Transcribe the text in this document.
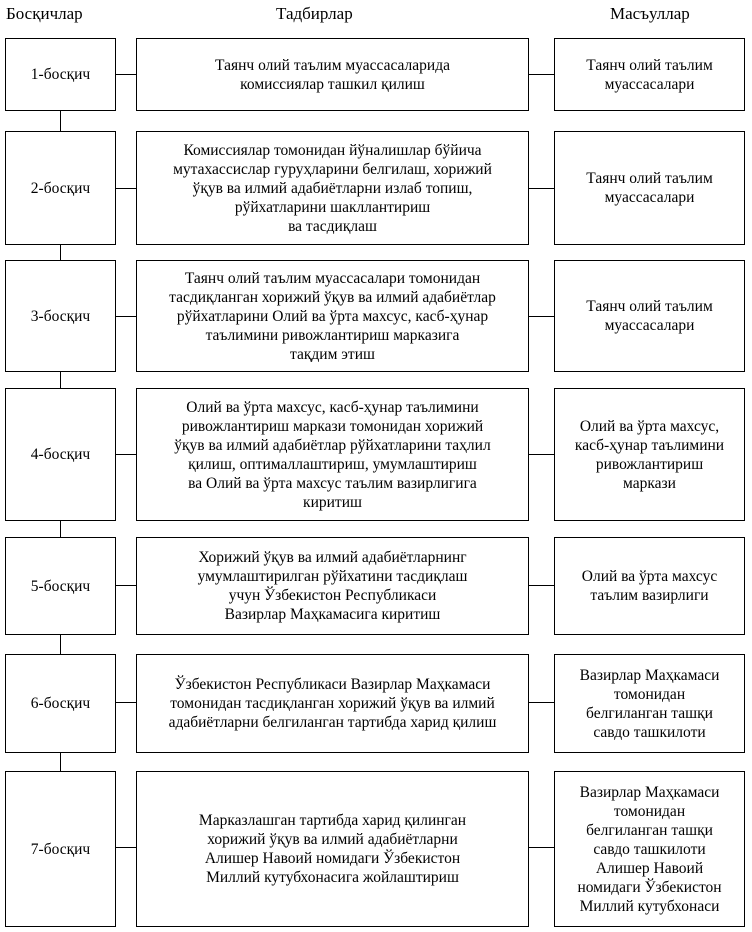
Босқичлар	Тадбирлар	Масъуллар
1-босқич
Таянч олий таълим муассасаларида
комиссиялар ташкил қилиш
Таянч олий таълим
муассасалари
2-босқич
Комиссиялар томонидан йўналишлар бўйича
мутахассислар гуруҳларини белгилаш, хорижий
ўқув ва илмий адабиётларни излаб топиш,
рўйхатларини шакллантириш
ва тасдиқлаш
Таянч олий таълим
муассасалари
3-босқич
Таянч олий таълим муассасалари томонидан
тасдиқланган хорижий ўқув ва илмий адабиётлар
рўйхатларини Олий ва ўрта махсус, касб-ҳунар
таълимини ривожлантириш марказига
тақдим этиш
Таянч олий таълим
муассасалари
4-босқич
Олий ва ўрта махсус, касб-ҳунар таълимини
ривожлантириш маркази томонидан хорижий
ўқув ва илмий адабиётлар рўйхатларини таҳлил
қилиш, оптималлаштириш, умумлаштириш
ва Олий ва ўрта махсус таълим вазирлигига
киритиш
Олий ва ўрта махсус,
касб-ҳунар таълимини
ривожлантириш
маркази
5-босқич
Хорижий ўқув ва илмий адабиётларнинг
умумлаштирилган рўйхатини тасдиқлаш
учун Ўзбекистон Республикаси
Вазирлар Маҳкамасига киритиш
Олий ва ўрта махсус
таълим вазирлиги
6-босқич
Ўзбекистон Республикаси Вазирлар Маҳкамаси
томонидан тасдиқланган хорижий ўқув ва илмий
адабиётларни белгиланган тартибда харид қилиш
Вазирлар Маҳкамаси
томонидан
белгиланган ташқи
савдо ташкилоти
7-босқич
Марказлашган тартибда харид қилинган
хорижий ўқув ва илмий адабиётларни
Алишер Навоий номидаги Ўзбекистон
Миллий кутубхонасига жойлаштириш
Вазирлар Маҳкамаси
томонидан
белгиланган ташқи
савдо ташкилоти
Алишер Навоий
номидаги Ўзбекистон
Миллий кутубхонаси
